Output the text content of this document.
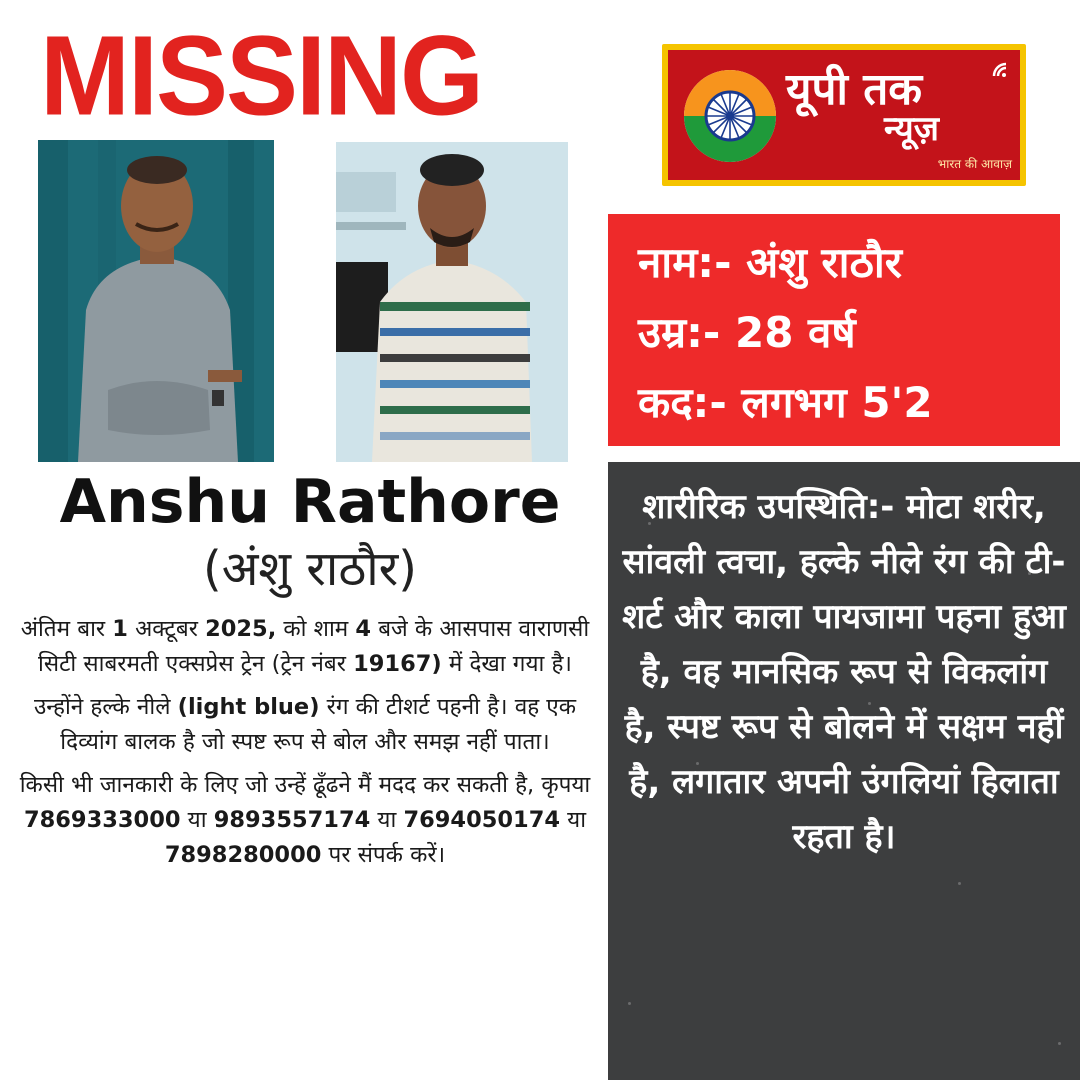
MISSING
Anshu Rathore
(अंशु राठौर)

अंतिम बार 1 अक्टूबर 2025, को शाम 4 बजे के आसपास वाराणसी सिटी साबरमती एक्सप्रेस ट्रेन (ट्रेन नंबर 19167) में देखा गया है।

उन्होंने हल्के नीले (light blue) रंग की टीशर्ट पहनी है। वह एक दिव्यांग बालक है जो स्पष्ट रूप से बोल और समझ नहीं पाता।

किसी भी जानकारी के लिए जो उन्हें ढूँढने मैं मदद कर सकती है, कृपया 7869333000 या 9893557174 या 7694050174 या 7898280000 पर संपर्क करें।

यूपी तक
न्यूज़
भारत की आवाज़
नाम:- अंशु राठौर
उम्र:- 28 वर्ष
कद:- लगभग 5'2
शारीरिक उपस्थिति:- मोटा शरीर, सांवली त्वचा, हल्के नीले रंग की टी-शर्ट और काला पायजामा पहना हुआ है, वह मानसिक रूप से विकलांग है, स्पष्ट रूप से बोलने में सक्षम नहीं है, लगातार अपनी उंगलियां हिलाता रहता है।
